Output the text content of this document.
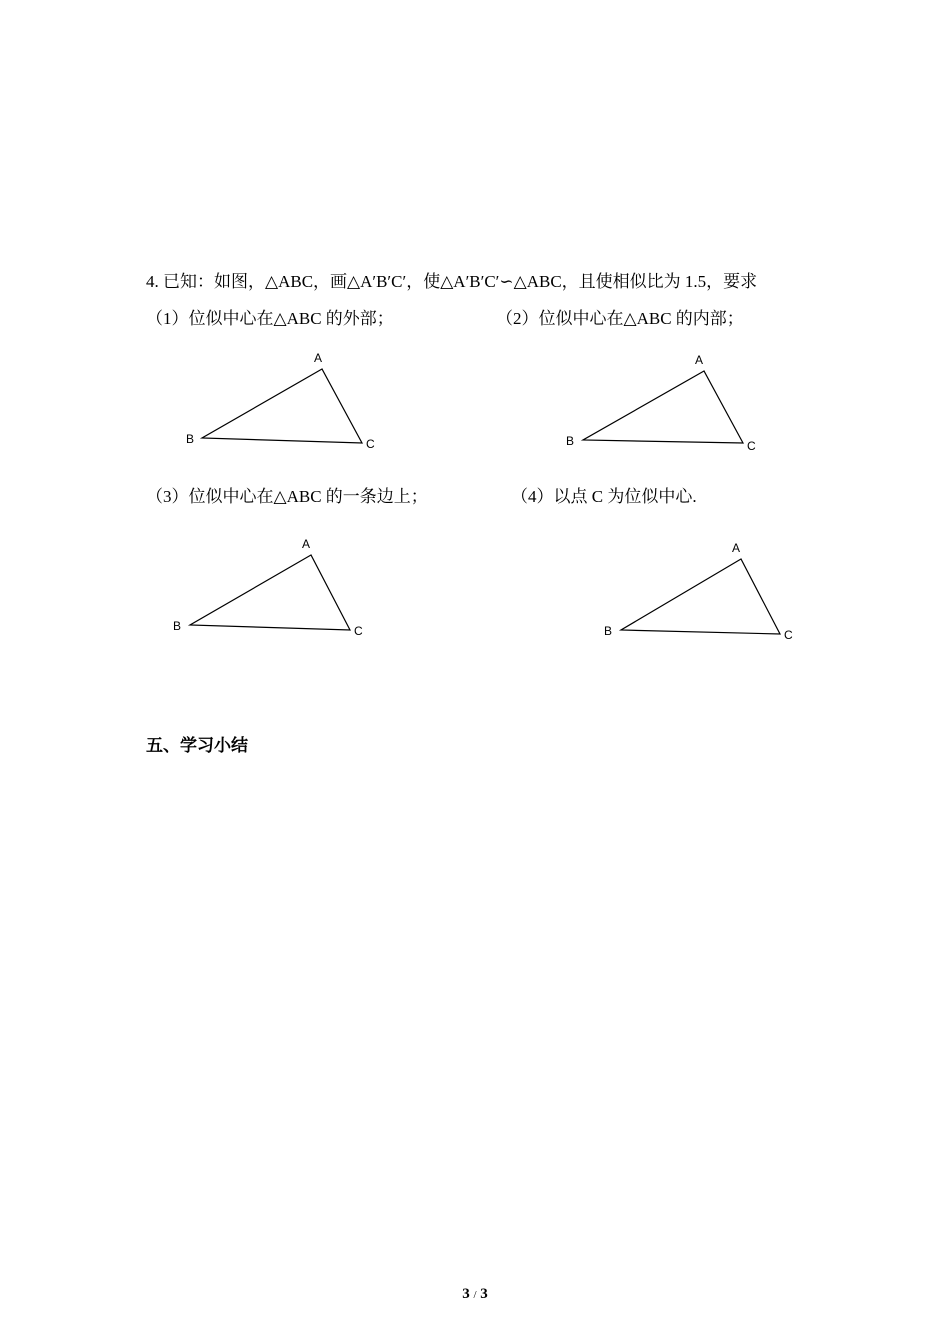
4. 已知：如图，△ABC，画△A′B′C′，使△A′B′C′∽△ABC，且使相似比为 1.5，要求
（1）位似中心在△ABC 的外部；	（2）位似中心在△ABC 的内部；
A
B	C
A
B	C
（3）位似中心在△ABC 的一条边上；	（4）以点 C 为位似中心.
A
B	C
A
B	C
五、学习小结
3 / 3
